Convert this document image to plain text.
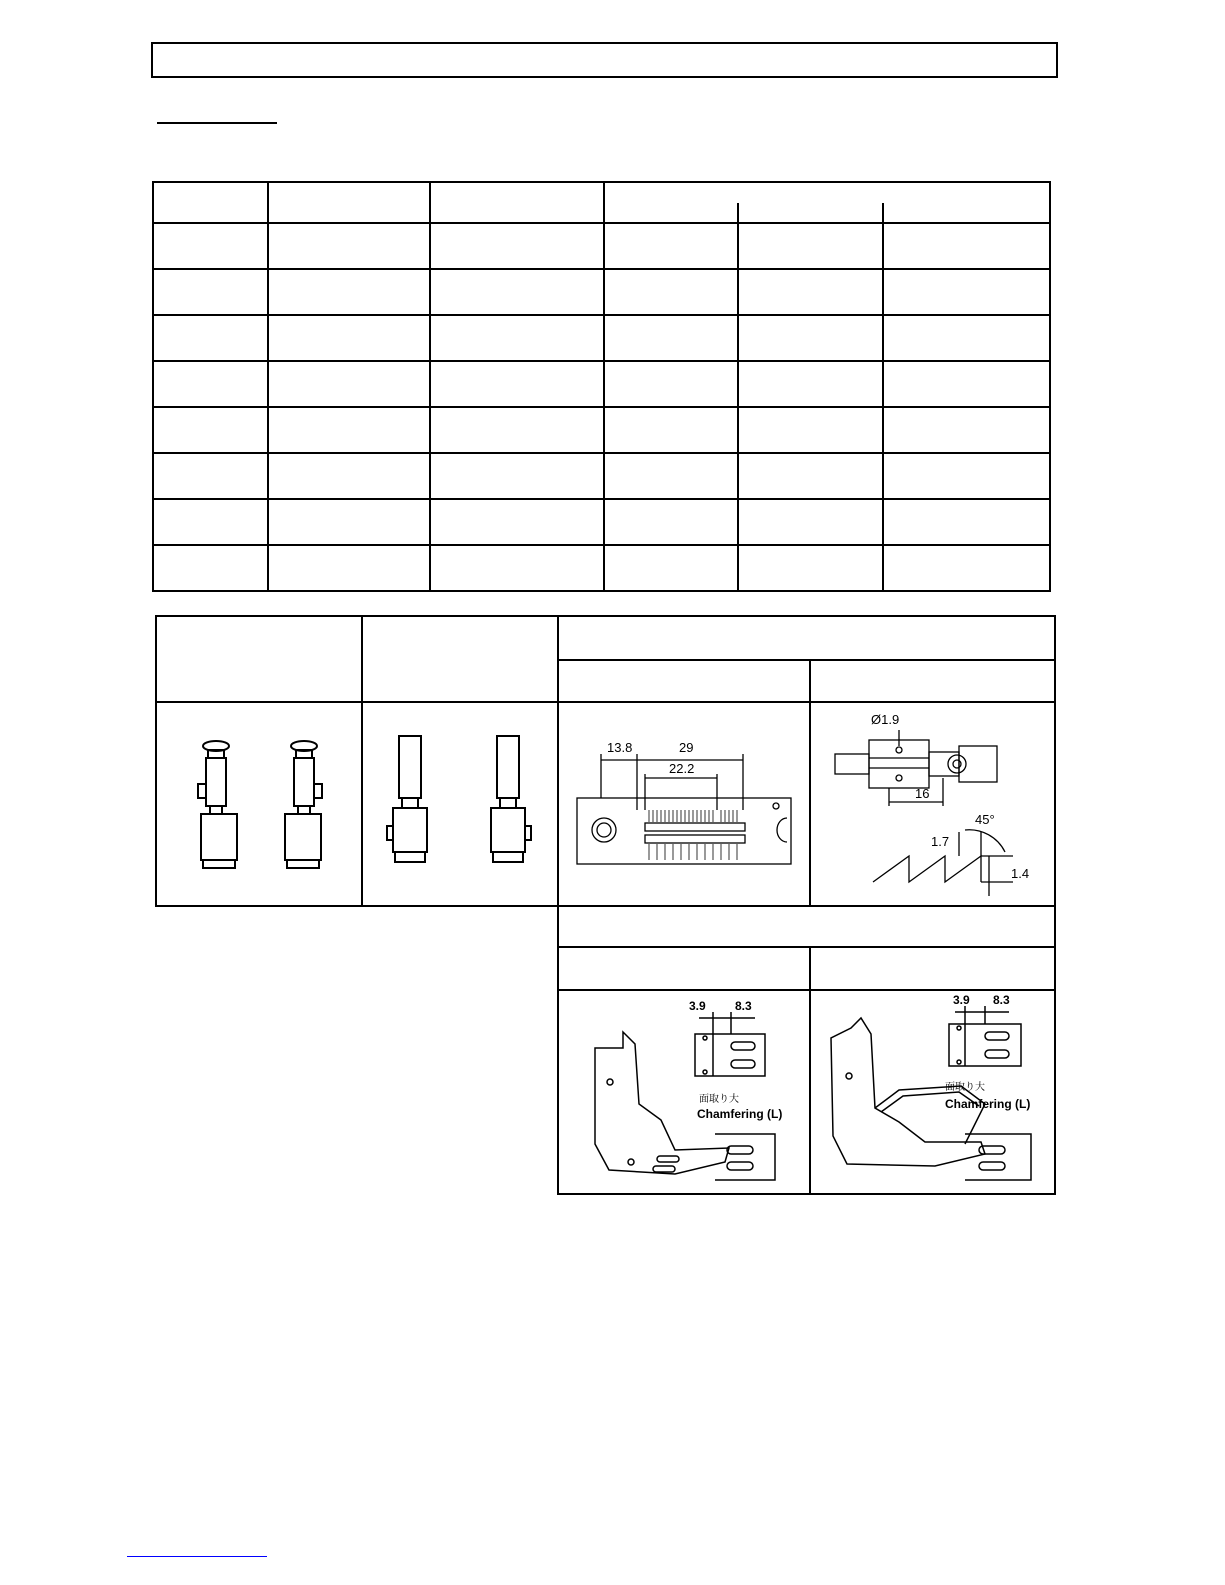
13.8	29
22.2
Ø1.9
16
1.7
45°
1.4
3.9 8.3
面取り大
Chamfering (L)
3.9 8.3
面取り大
Chamfering (L)
